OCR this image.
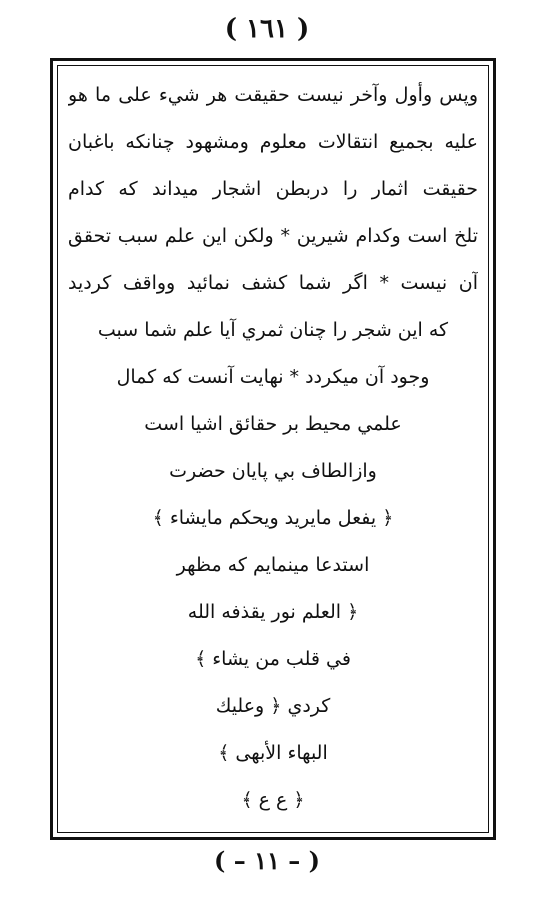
( ١٦١ )
وپس وأول وآخر نیست حقیقت هر شيء على ما هو
علیه بجمیع انتقالات معلوم ومشهود چنانکه باغبان
حقیقت اثمار را دربطن اشجار میداند که کدام
تلخ است وکدام شیرین * ولکن این علم سبب تحقق
آن نیست * اگر شما کشف نمائید وواقف کردید
که این شجر را چنان ثمري آیا علم شما سبب
وجود آن میکردد * نهایت آنست که کمال
علمي محیط بر حقائق اشیا است
وازالطاف بي پایان حضرت
﴿ یفعل مایرید ویحکم مایشاء ﴾
استدعا مینمایم که مظهر
﴿ العلم نور یقذفه الله
في قلب من یشاء ﴾
کردي ﴿ وعلیك
البهاء الأبهى ﴾
﴿ ع ع ﴾
( – ١١ – )
